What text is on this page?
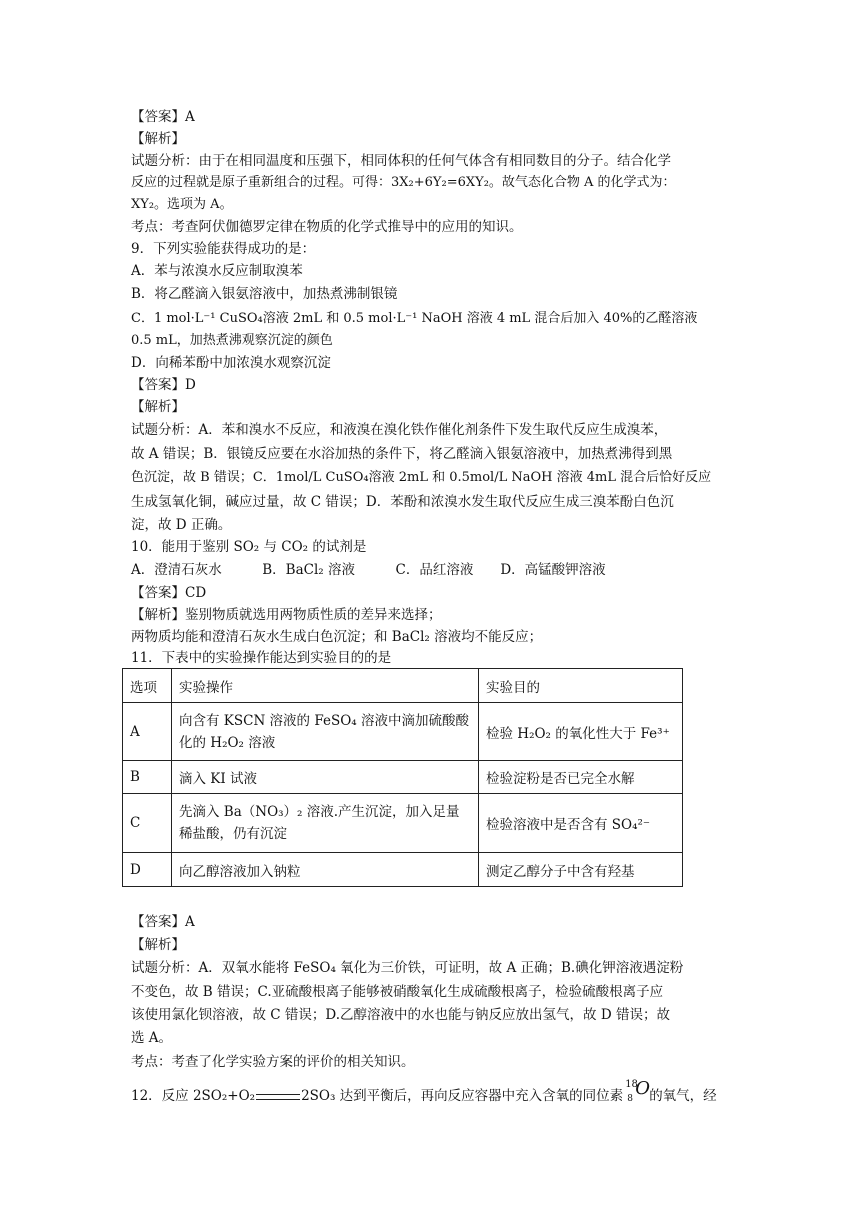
【答案】A
【解析】
试题分析：由于在相同温度和压强下，相同体积的任何气体含有相同数目的分子。结合化学
反应的过程就是原子重新组合的过程。可得：3X₂+6Y₂=6XY₂。故气态化合物 A 的化学式为：
XY₂。选项为 A。
考点：考查阿伏伽德罗定律在物质的化学式推导中的应用的知识。
9．下列实验能获得成功的是：
A．苯与浓溴水反应制取溴苯
B．将乙醛滴入银氨溶液中，加热煮沸制银镜
C．1 mol·L⁻¹ CuSO₄溶液 2mL 和 0.5 mol·L⁻¹ NaOH 溶液 4 mL 混合后加入 40%的乙醛溶液
0.5 mL，加热煮沸观察沉淀的颜色
D．向稀苯酚中加浓溴水观察沉淀
【答案】D
【解析】
试题分析：A．苯和溴水不反应，和液溴在溴化铁作催化剂条件下发生取代反应生成溴苯，
故 A 错误；B．银镜反应要在水浴加热的条件下，将乙醛滴入银氨溶液中，加热煮沸得到黑
色沉淀，故 B 错误；C．1mol/L CuSO₄溶液 2mL 和 0.5mol/L NaOH 溶液 4mL 混合后恰好反应
生成氢氧化铜，碱应过量，故 C 错误；D．苯酚和浓溴水发生取代反应生成三溴苯酚白色沉
淀，故 D 正确。
10．能用于鉴别 SO₂ 与 CO₂ 的试剂是
A．澄清石灰水　　　B．BaCl₂ 溶液　　　C．品红溶液　　D．高锰酸钾溶液
【答案】CD
【解析】鉴别物质就选用两物质性质的差异来选择；
两物质均能和澄清石灰水生成白色沉淀；和 BaCl₂ 溶液均不能反应；
11．下表中的实验操作能达到实验目的的是
选项	实验操作	实验目的
A	向含有 KSCN 溶液的 FeSO₄ 溶液中滴加硫酸酸化的 H₂O₂ 溶液	检验 H₂O₂ 的氧化性大于 Fe³⁺
B	滴入 KI 试液	检验淀粉是否已完全水解
C	先滴入 Ba（NO₃）₂ 溶液.产生沉淀，加入足量稀盐酸，仍有沉淀	检验溶液中是否含有 SO₄²⁻
D	向乙醇溶液加入钠粒	测定乙醇分子中含有羟基
【答案】A
【解析】
试题分析：A．双氧水能将 FeSO₄ 氧化为三价铁，可证明，故 A 正确；B.碘化钾溶液遇淀粉
不变色，故 B 错误；C.亚硫酸根离子能够被硝酸氧化生成硫酸根离子，检验硫酸根离子应
该使用氯化钡溶液，故 C 错误；D.乙醇溶液中的水也能与钠反应放出氢气，故 D 错误；故
选 A。
考点：考查了化学实验方案的评价的相关知识。
12．反应 2SO₂+O₂	2SO₃ 达到平衡后，再向反应容器中充入含氧的同位素
18
8 O 的氧气，经
